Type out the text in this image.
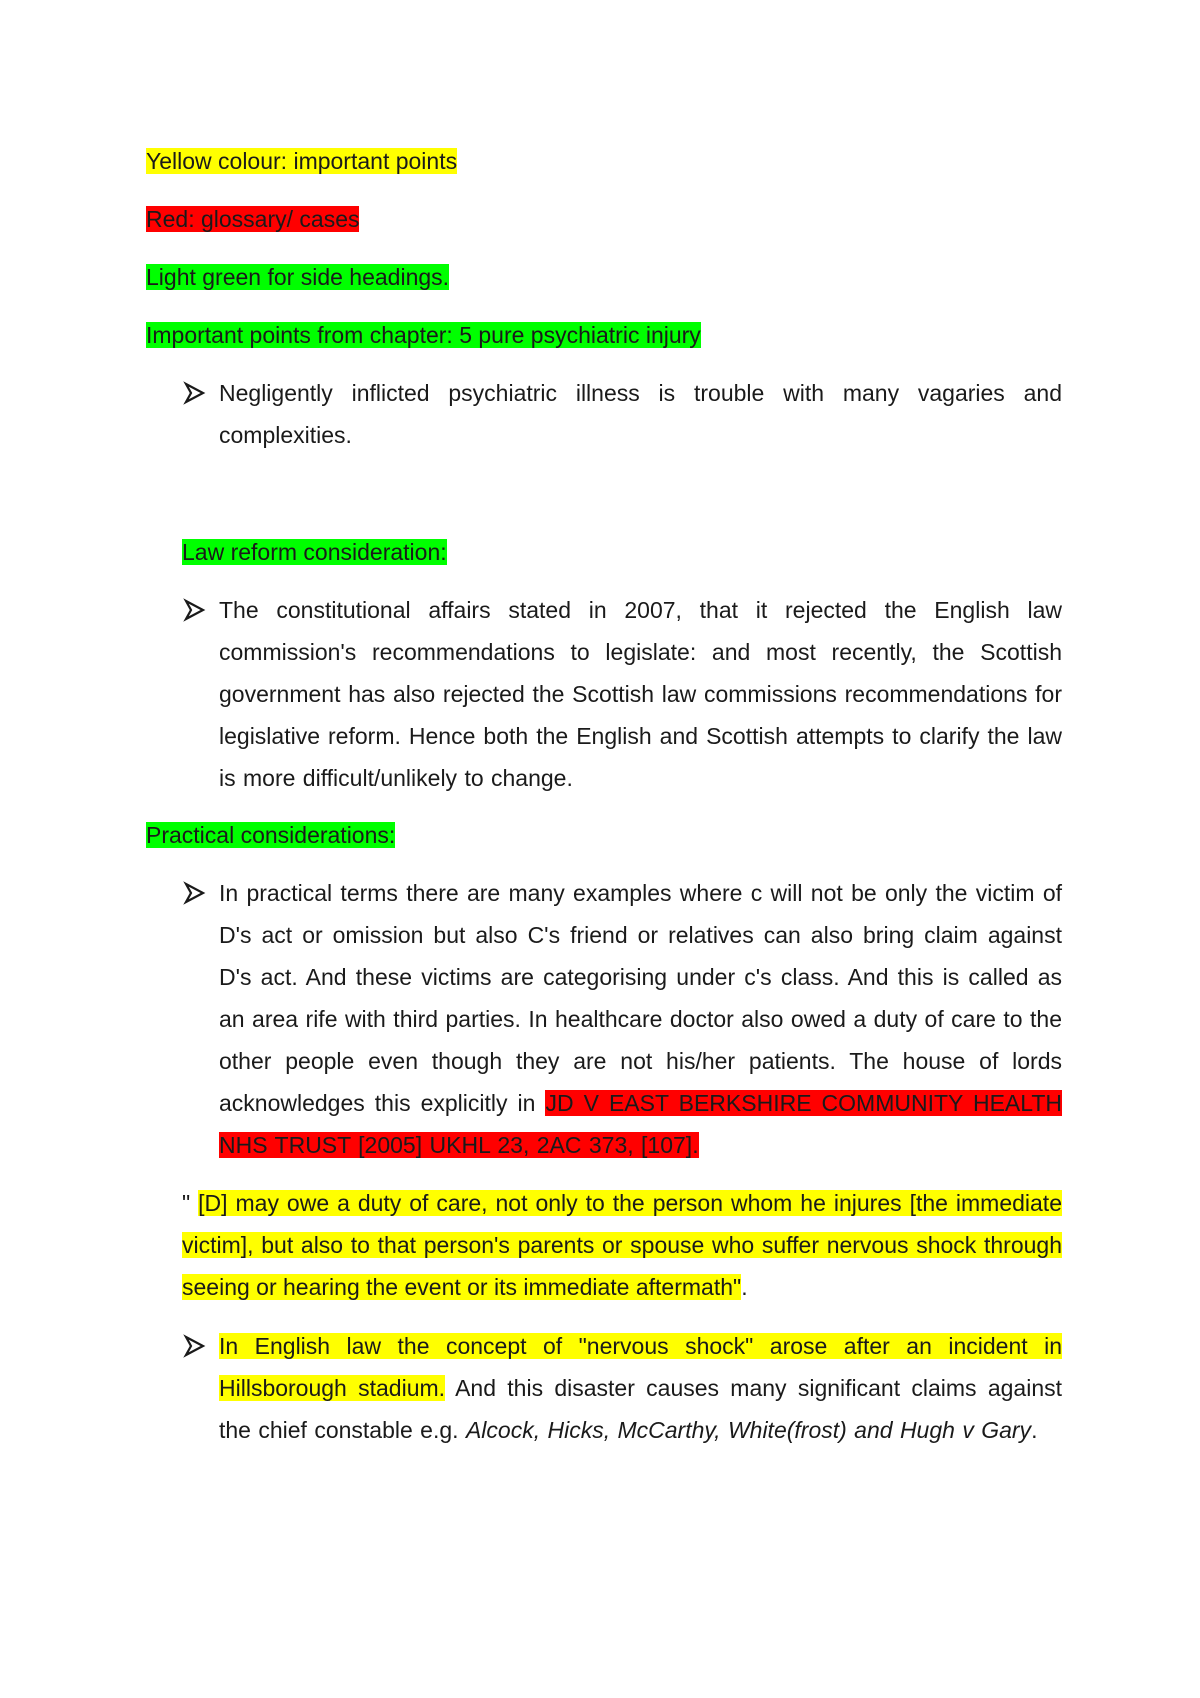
Yellow colour: important points
Red: glossary/ cases
Light green for side headings.
Important points from chapter: 5 pure psychiatric injury
Negligently inflicted psychiatric illness is trouble with many vagaries and complexities.
Law reform consideration:
The constitutional affairs stated in 2007, that it rejected the English law commission's recommendations to legislate: and most recently, the Scottish government has also rejected the Scottish law commissions recommendations for legislative reform. Hence both the English and Scottish attempts to clarify the law is more difficult/unlikely to change.
Practical considerations:
In practical terms there are many examples where c will not be only the victim of D's act or omission but also C's friend or relatives can also bring claim against D's act. And these victims are categorising under c's class. And this is called as an area rife with third parties. In healthcare doctor also owed a duty of care to the other people even though they are not his/her patients. The house of lords acknowledges this explicitly in JD V EAST BERKSHIRE COMMUNITY HEALTH NHS TRUST [2005] UKHL 23, 2AC 373, [107].
" [D] may owe a duty of care, not only to the person whom he injures [the immediate victim], but also to that person's parents or spouse who suffer nervous shock through seeing or hearing the event or its immediate aftermath".
In English law the concept of "nervous shock" arose after an incident in Hillsborough stadium. And this disaster causes many significant claims against the chief constable e.g. Alcock, Hicks, McCarthy, White(frost) and Hugh v Gary.
